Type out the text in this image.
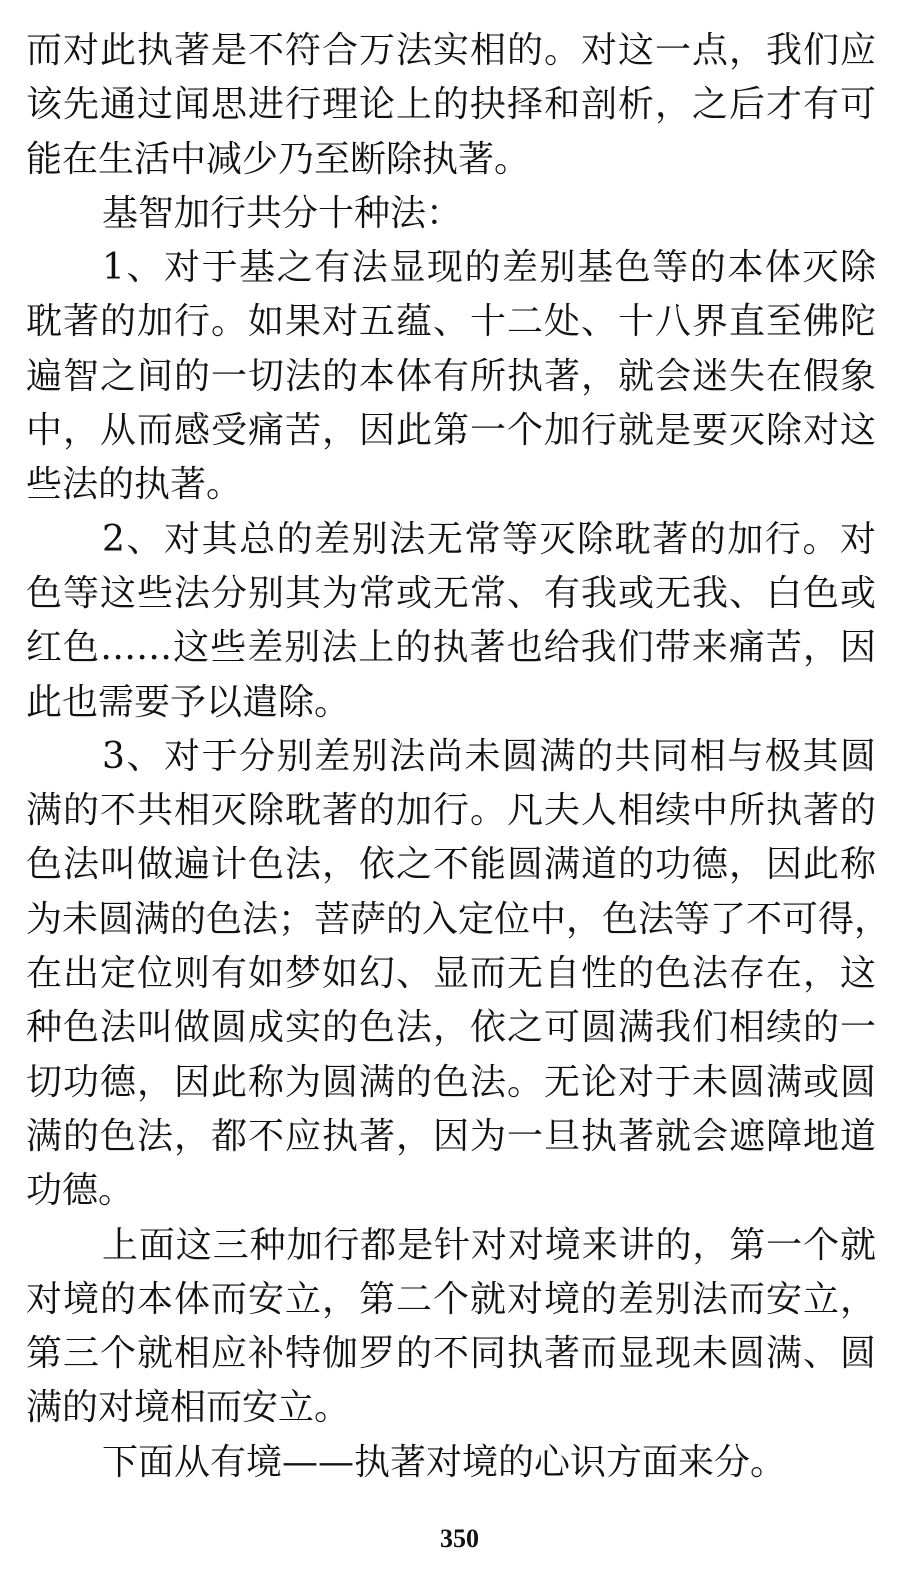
而对此执著是不符合万法实相的。对这一点，我们应
该先通过闻思进行理论上的抉择和剖析，之后才有可
能在生活中减少乃至断除执著。
基智加行共分十种法：
1、对于基之有法显现的差别基色等的本体灭除
耽著的加行。如果对五蕴、十二处、十八界直至佛陀
遍智之间的一切法的本体有所执著，就会迷失在假象
中，从而感受痛苦，因此第一个加行就是要灭除对这
些法的执著。
2、对其总的差别法无常等灭除耽著的加行。对
色等这些法分别其为常或无常、有我或无我、白色或
红色……这些差别法上的执著也给我们带来痛苦，因
此也需要予以遣除。
3、对于分别差别法尚未圆满的共同相与极其圆
满的不共相灭除耽著的加行。凡夫人相续中所执著的
色法叫做遍计色法，依之不能圆满道的功德，因此称
为未圆满的色法；菩萨的入定位中，色法等了不可得，
在出定位则有如梦如幻、显而无自性的色法存在，这
种色法叫做圆成实的色法，依之可圆满我们相续的一
切功德，因此称为圆满的色法。无论对于未圆满或圆
满的色法，都不应执著，因为一旦执著就会遮障地道
功德。
上面这三种加行都是针对对境来讲的，第一个就
对境的本体而安立，第二个就对境的差别法而安立，
第三个就相应补特伽罗的不同执著而显现未圆满、圆
满的对境相而安立。
下面从有境——执著对境的心识方面来分。
350
